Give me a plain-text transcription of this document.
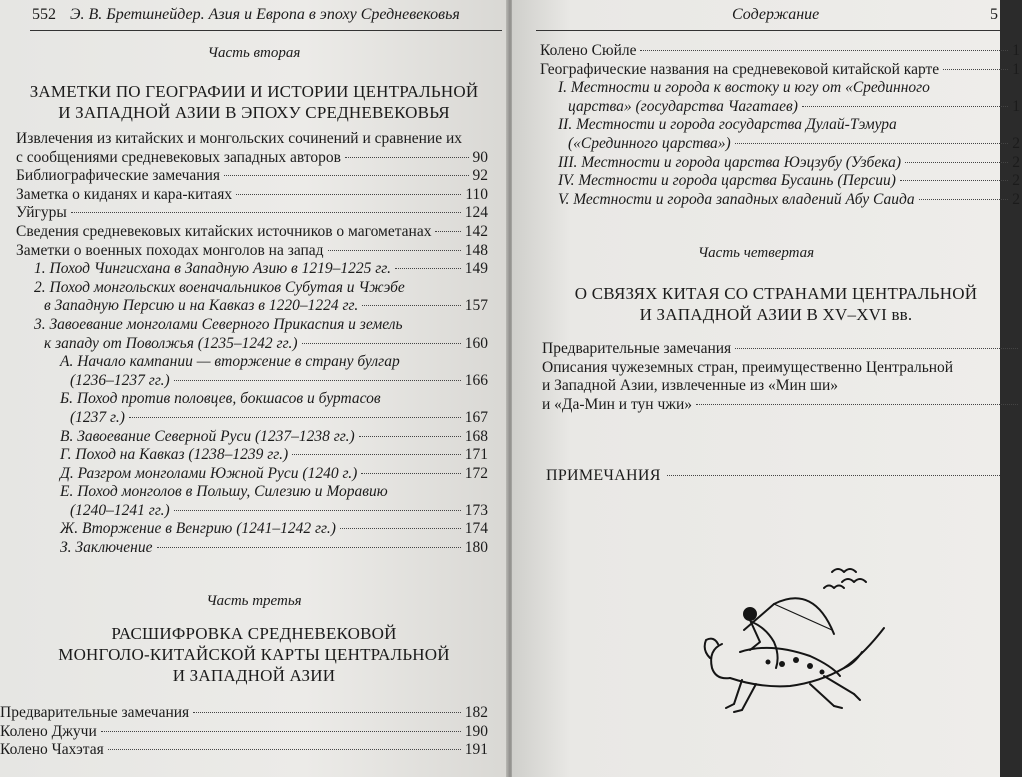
552 Э. В. Бретшнейдер. Азия и Европа в эпоху Средневековья
Часть вторая
ЗАМЕТКИ ПО ГЕОГРАФИИ И ИСТОРИИ ЦЕНТРАЛЬНОЙ
И ЗАПАДНОЙ АЗИИ В ЭПОХУ СРЕДНЕВЕКОВЬЯ
Извлечения из китайских и монгольских сочинений и сравнение их
с сообщениями средневековых западных авторов	90
Библиографические замечания	92
Заметка о киданях и кара-китаях	110
Уйгуры	124
Сведения средневековых китайских источников о магометанах 142
Заметки о военных походах монголов на запад	148
1. Поход Чингисхана в Западную Азию в 1219–1225 гг.	149
2. Поход монгольских военачальников Субутая и Чжэбе
в Западную Персию и на Кавказ в 1220–1224 гг.	157
3. Завоевание монголами Северного Прикаспия и земель
к западу от Поволжья (1235–1242 гг.)	160
А. Начало кампании — вторжение в страну булгар
(1236–1237 гг.)	166
Б. Поход против половцев, бокшасов и буртасов
(1237 г.)	167
В. Завоевание Северной Руси (1237–1238 гг.)	168
Г. Поход на Кавказ (1238–1239 гг.)	171
Д. Разгром монголами Южной Руси (1240 г.)	172
Е. Поход монголов в Польшу, Силезию и Моравию
(1240–1241 гг.)	173
Ж. Вторжение в Венгрию (1241–1242 гг.)	174
З. Заключение	180
Часть третья
РАСШИФРОВКА СРЕДНЕВЕКОВОЙ
МОНГОЛО-КИТАЙСКОЙ КАРТЫ ЦЕНТРАЛЬНОЙ
И ЗАПАДНОЙ АЗИИ
Предварительные замечания	182
Колено Джучи	190
Колено Чахэтая	191
Содержание	5
Колено Сюйле	1
Географические названия на средневековой китайской карте	1
I. Местности и города к востоку и югу от «Срединного
царства» (государства Чагатаев)	1
II. Местности и города государства Дулай-Тэмура
(«Срединного царства»)	2
III. Местности и города царства Юэцзубу (Узбека)	2
IV. Местности и города царства Бусаинь (Персии)	2
V. Местности и города западных владений Абу Саида	2
Часть четвертая
О СВЯЗЯХ КИТАЯ СО СТРАНАМИ ЦЕНТРАЛЬНОЙ
И ЗАПАДНОЙ АЗИИ В XV–XVI вв.
Предварительные замечания
Описания чужеземных стран, преимущественно Центральной
и Западной Азии, извлеченные из «Мин ши»
и «Да-Мин и тун чжи»
ПРИМЕЧАНИЯ
